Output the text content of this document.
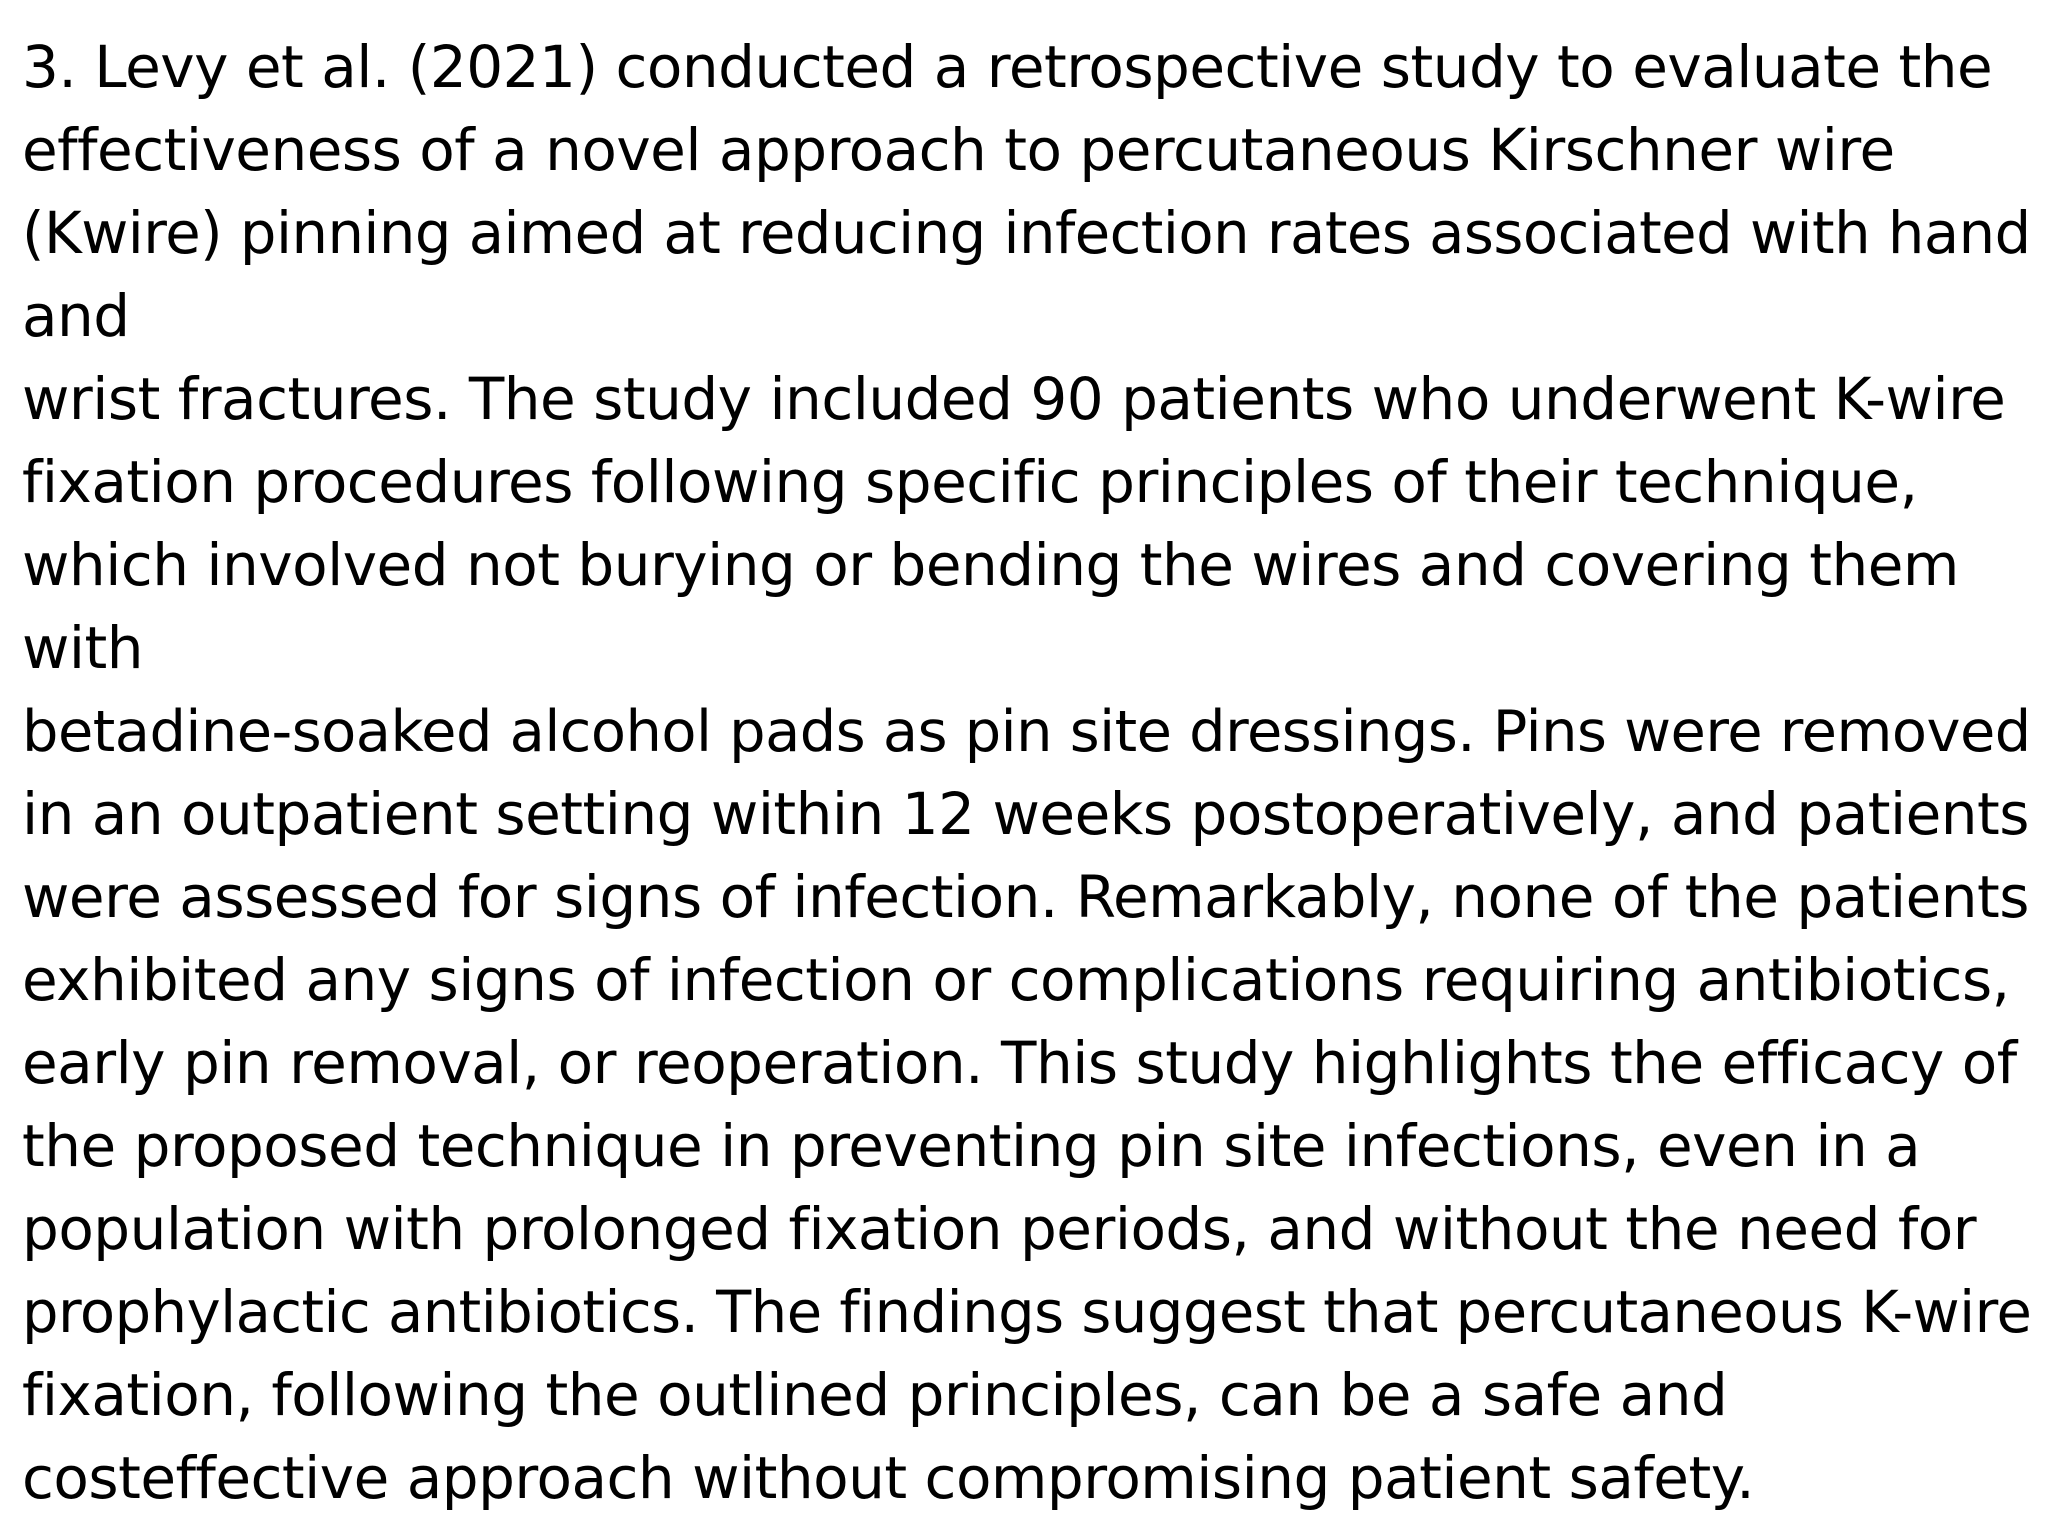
3. Levy et al. (2021) conducted a retrospective study to evaluate the
effectiveness of a novel approach to percutaneous Kirschner wire
(Kwire) pinning aimed at reducing infection rates associated with hand
and
wrist fractures. The study included 90 patients who underwent K-wire
fixation procedures following specific principles of their technique,
which involved not burying or bending the wires and covering them
with
betadine-soaked alcohol pads as pin site dressings. Pins were removed
in an outpatient setting within 12 weeks postoperatively, and patients
were assessed for signs of infection. Remarkably, none of the patients
exhibited any signs of infection or complications requiring antibiotics,
early pin removal, or reoperation. This study highlights the efficacy of
the proposed technique in preventing pin site infections, even in a
population with prolonged fixation periods, and without the need for
prophylactic antibiotics. The findings suggest that percutaneous K-wire
fixation, following the outlined principles, can be a safe and
costeffective approach without compromising patient safety.
